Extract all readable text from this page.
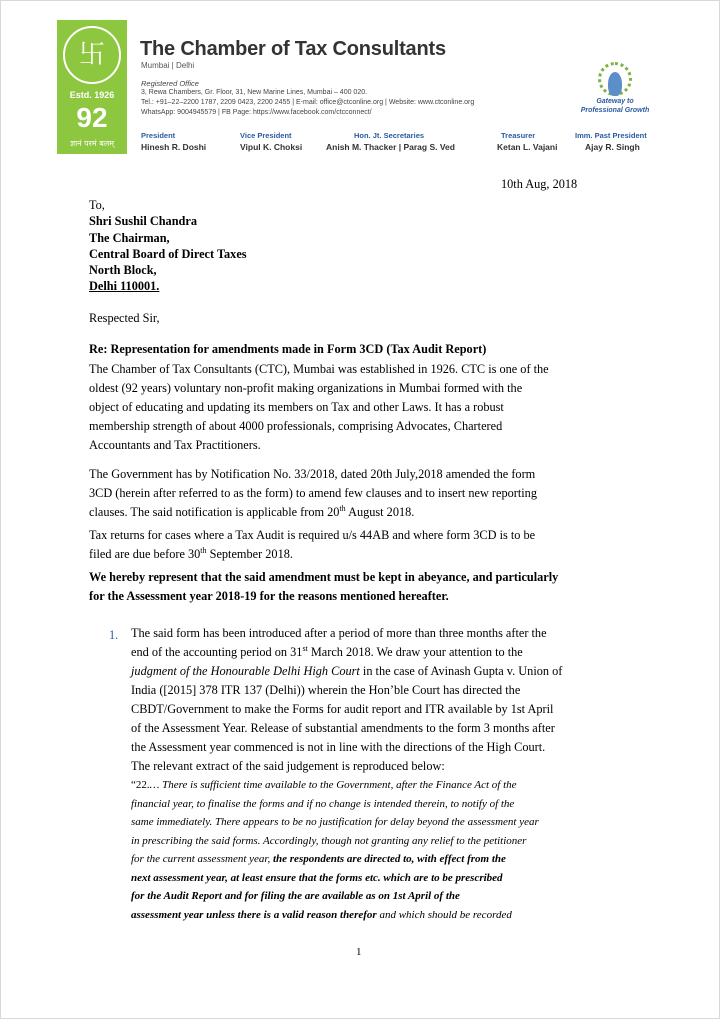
卐
Estd. 1926
92
ज्ञानं परमं बलम्
The Chamber of Tax Consultants
Mumbai | Delhi
Registered Office
3, Rewa Chambers, Gr. Floor, 31, New Marine Lines, Mumbai – 400 020.
Tel.: +91–22–2200 1787, 2209 0423, 2200 2455 | E-mail: office@ctconline.org | Website: www.ctconline.org
WhatsApp: 9004945579 | FB Page: https://www.facebook.com/ctcconnect/
Gateway to
Professional Growth
President
Hinesh R. Doshi
Vice President
Vipul K. Choksi
Hon. Jt. Secretaries
Anish M. Thacker | Parag S. Ved
Treasurer
Ketan L. Vajani
Imm. Past President
Ajay R. Singh
10th Aug, 2018
To,
Shri Sushil Chandra
The Chairman,
Central Board of Direct Taxes
North Block,
Delhi 110001.
Respected Sir,
Re: Representation for amendments made in Form 3CD (Tax Audit Report)
The Chamber of Tax Consultants (CTC), Mumbai was established in 1926. CTC is one of the
oldest (92 years) voluntary non-profit making organizations in Mumbai formed with the
object of educating and updating its members on Tax and other Laws. It has a robust
membership strength of about 4000 professionals, comprising Advocates, Chartered
Accountants and Tax Practitioners.
The Government has by Notification No. 33/2018, dated 20th July,2018 amended the form
3CD (herein after referred to as the form) to amend few clauses and to insert new reporting
clauses. The said notification is applicable from 20th August 2018.
Tax returns for cases where a Tax Audit is required u/s 44AB and where form 3CD is to be
filed are due before 30th September 2018.
We hereby represent that the said amendment must be kept in abeyance, and particularly
for the Assessment year 2018-19 for the reasons mentioned hereafter.
1. The said form has been introduced after a period of more than three months after the
end of the accounting period on 31st March 2018. We draw your attention to the
judgment of the Honourable Delhi High Court in the case of Avinash Gupta v. Union of
India ([2015] 378 ITR 137 (Delhi)) wherein the Hon’ble Court has directed the
CBDT/Government to make the Forms for audit report and ITR available by 1st April
of the Assessment Year. Release of substantial amendments to the form 3 months after
the Assessment year commenced is not in line with the directions of the High Court.
The relevant extract of the said judgement is reproduced below:
“22.… There is sufficient time available to the Government, after the Finance Act of the
financial year, to finalise the forms and if no change is intended therein, to notify of the
same immediately. There appears to be no justification for delay beyond the assessment year
in prescribing the said forms. Accordingly, though not granting any relief to the petitioner
for the current assessment year, the respondents are directed to, with effect from the
next assessment year, at least ensure that the forms etc. which are to be prescribed
for the Audit Report and for filing the are available as on 1st April of the
assessment year unless there is a valid reason therefor and which should be recorded
1
